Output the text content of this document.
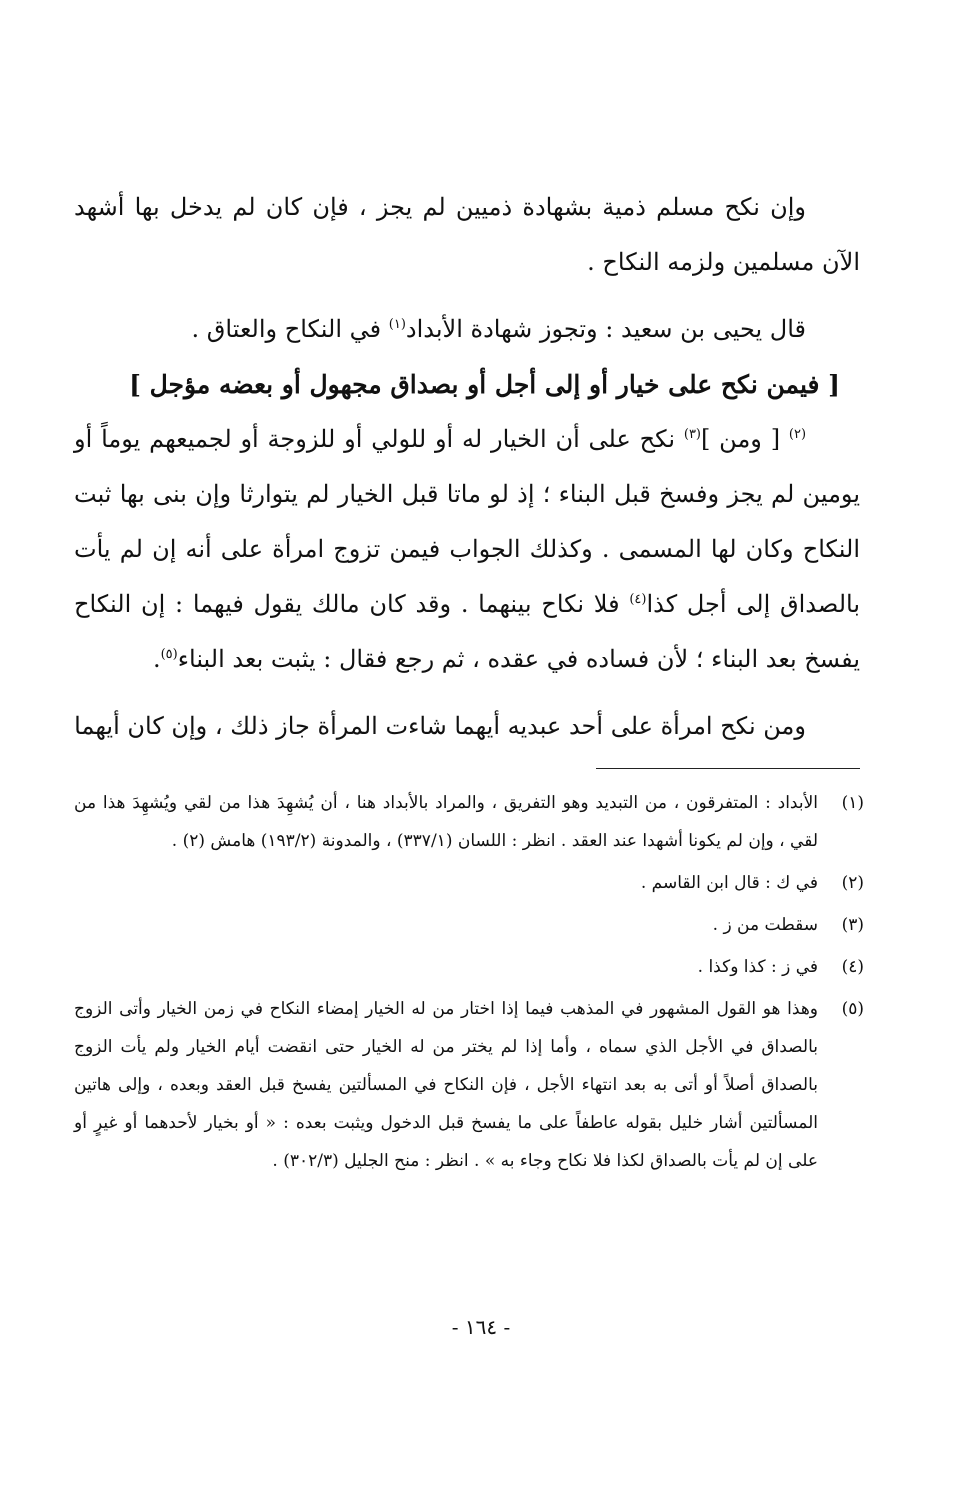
وإن نكح مسلم ذمية بشهادة ذميين لم يجز ، فإن كان لم يدخل بها أشهد الآن مسلمين ولزمه النكاح .

قال يحيى بن سعيد : وتجوز شهادة الأبداد$^{(١)}$ في النكاح والعتاق .

[ فيمن نكح على خيار أو إلى أجل أو بصداق مجهول أو بعضه مؤجل ]

$^{(٢)}$ [ ومن ]$^{(٣)}$ نكح على أن الخيار له أو للولي أو للزوجة أو لجميعهم يوماً أو يومين لم يجز وفسخ قبل البناء ؛ إذ لو ماتا قبل الخيار لم يتوارثا وإن بنى بها ثبت النكاح وكان لها المسمى . وكذلك الجواب فيمن تزوج امرأة على أنه إن لم يأت بالصداق إلى أجل كذا$^{(٤)}$ فلا نكاح بينهما . وقد كان مالك يقول فيهما : إن النكاح يفسخ بعد البناء ؛ لأن فساده في عقده ، ثم رجع فقال : يثبت بعد البناء$^{(٥)}$.

ومن نكح امرأة على أحد عبديه أيهما شاءت المرأة جاز ذلك ، وإن كان أيهما

(١)
الأبداد : المتفرقون ، من التبديد وهو التفريق ، والمراد بالأبداد هنا ، أن يُشهِدَ هذا من لقي ويُشهِدَ هذا من لقي ، وإن لم يكونا أشهدا عند العقد . انظر : اللسان (٣٣٧/١) ، والمدونة (١٩٣/٢) هامش (٢) .
(٢)
في ك : قال ابن القاسم .
(٣)
سقطت من ز .
(٤)
في ز : كذا وكذا .
(٥)
وهذا هو القول المشهور في المذهب فيما إذا اختار من له الخيار إمضاء النكاح في زمن الخيار وأتى الزوج بالصداق في الأجل الذي سماه ، وأما إذا لم يختر من له الخيار حتى انقضت أيام الخيار ولم يأت الزوج بالصداق أصلاً أو أتى به بعد انتهاء الأجل ، فإن النكاح في المسألتين يفسخ قبل العقد وبعده ، وإلى هاتين المسألتين أشار خليل بقوله عاطفاً على ما يفسخ قبل الدخول ويثبت بعده : « أو بخيار لأحدهما أو غيرٍ أو على إن لم يأت بالصداق لكذا فلا نكاح وجاء به » . انظر : منح الجليل (٣٠٢/٣) .
- ١٦٤ -
